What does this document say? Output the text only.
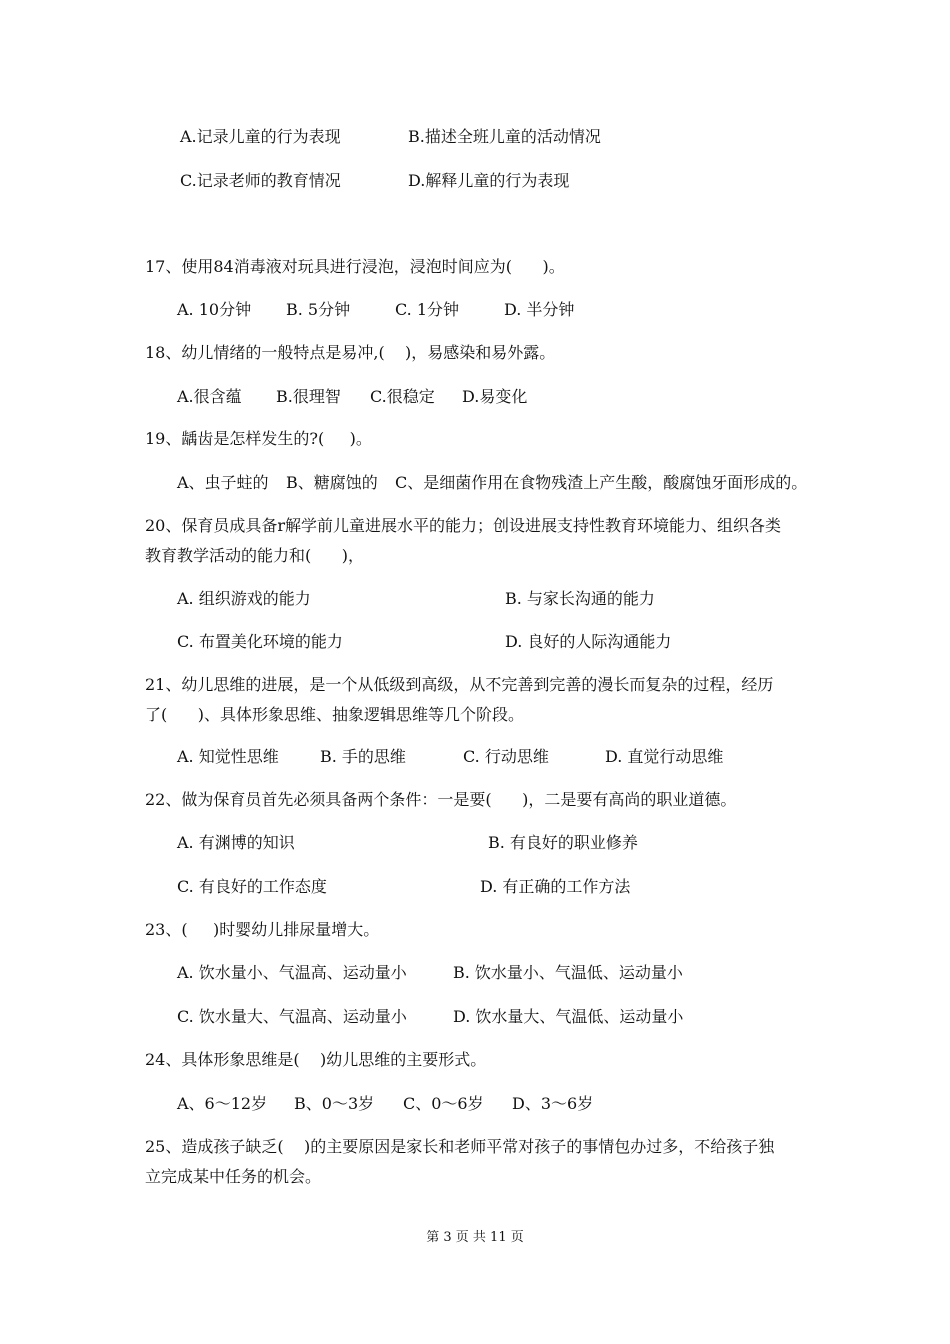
A.记录儿童的行为表现	B.描述全班儿童的活动情况
C.记录老师的教育情况	D.解释儿童的行为表现
17、使用84消毒液对玩具进行浸泡，浸泡时间应为(      )。
A. 10分钟 B. 5分钟	C. 1分钟	D. 半分钟
18、幼儿情绪的一般特点是易冲,(    )，易感染和易外露。
A.很含蕴 B.很理智 C.很稳定 D.易变化
19、龋齿是怎样发生的?(     )。
A、虫子蛀的 B、糖腐蚀的 C、是细菌作用在食物残渣上产生酸，酸腐蚀牙面形成的。
20、保育员成具备r解学前儿童进展水平的能力；创设进展支持性教育环境能力、组织各类
教育教学活动的能力和(      )，
A. 组织游戏的能力	B. 与家长沟通的能力
C. 布置美化环境的能力	D. 良好的人际沟通能力
21、幼儿思维的进展，是一个从低级到高级，从不完善到完善的漫长而复杂的过程，经历
了(      )、具体形象思维、抽象逻辑思维等几个阶段。
A. 知觉性思维	B. 手的思维	C. 行动思维	D. 直觉行动思维
22、做为保育员首先必须具备两个条件：一是要(      )，二是要有高尚的职业道德。
A. 有渊博的知识	B. 有良好的职业修养
C. 有良好的工作态度	D. 有正确的工作方法
23、(     )时婴幼儿排尿量增大。
A. 饮水量小、气温高、运动量小	B. 饮水量小、气温低、运动量小
C. 饮水量大、气温高、运动量小	D. 饮水量大、气温低、运动量小
24、具体形象思维是(    )幼儿思维的主要形式。
A、6～12岁 B、0～3岁 C、0～6岁 D、3～6岁
25、造成孩子缺乏(    )的主要原因是家长和老师平常对孩子的事情包办过多，不给孩子独
立完成某中任务的机会。
第 3 页 共 11 页
